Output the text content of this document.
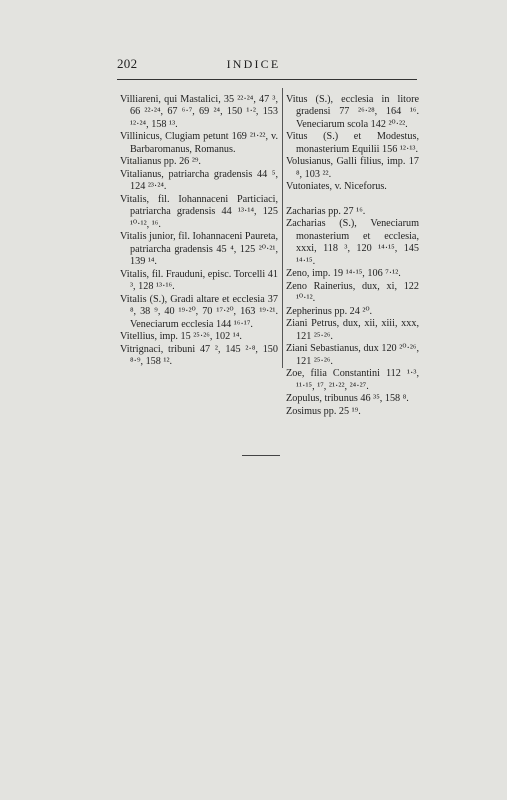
202	INDICE

Villiareni, qui Mastalici, 35 ²²·²⁴, 47 ³, 66 ²²·²⁴, 67 ⁶·⁷, 69 ²⁴, 150 ¹·², 153 ¹²·²⁴, 158 ¹³.

Villinicus, Clugiam petunt 169 ²¹·²², v. Barbaromanus, Romanus.

Vitalianus pp. 26 ²⁹.

Vitalianus, patriarcha gradensis 44 ⁵, 124 ²³·²⁴.

Vitalis, fil. Iohannaceni Particiaci, patriarcha gradensis 44 ¹³·¹⁴, 125 ¹⁰·¹², ¹⁶.

Vitalis junior, fil. Iohannaceni Paureta, patriarcha gradensis 45 ⁴, 125 ²⁰·²¹, 139 ¹⁴.

Vitalis, fil. Frauduni, episc. Torcelli 41 ³, 128 ¹³·¹⁶.

Vitalis (S.), Gradi altare et ecclesia 37 ⁸, 38 ⁹, 40 ¹⁹·²⁰, 70 ¹⁷·²⁰, 163 ¹⁹·²¹. Veneciarum ecclesia 144 ¹⁶·¹⁷.

Vitellius, imp. 15 ²⁵·²⁶, 102 ¹⁴.

Vitrignaci, tribuni 47 ², 145 ²·⁸, 150 ⁸·⁹, 158 ¹².

Vitus (S.), ecclesia in litore gradensi 77 ²⁶·²⁸, 164 ¹⁶. Veneciarum scola 142 ²⁰·²².

Vitus (S.) et Modestus, monasterium Equilii 156 ¹²·¹³.

Volusianus, Galli filius, imp. 17 ⁸, 103 ²².

Vutoniates, v. Niceforus.

Zacharias pp. 27 ¹⁶.

Zacharias (S.), Veneciarum monasterium et ecclesia, xxxi, 118 ³, 120 ¹⁴·¹⁵, 145 ¹⁴·¹⁵.

Zeno, imp. 19 ¹⁴·¹⁵, 106 ⁷·¹².

Zeno Rainerius, dux, xi, 122 ¹⁰·¹².

Zepherinus pp. 24 ²⁰.

Ziani Petrus, dux, xii, xiii, xxx, 121 ²⁵·²⁶.

Ziani Sebastianus, dux 120 ²⁰·²⁶, 121 ²⁵·²⁶.

Zoe, filia Constantini 112 ¹·³, ¹¹·¹⁵, ¹⁷, ²¹·²², ²⁴·²⁷.

Zopulus, tribunus 46 ³⁵, 158 ⁸.

Zosimus pp. 25 ¹⁹.
